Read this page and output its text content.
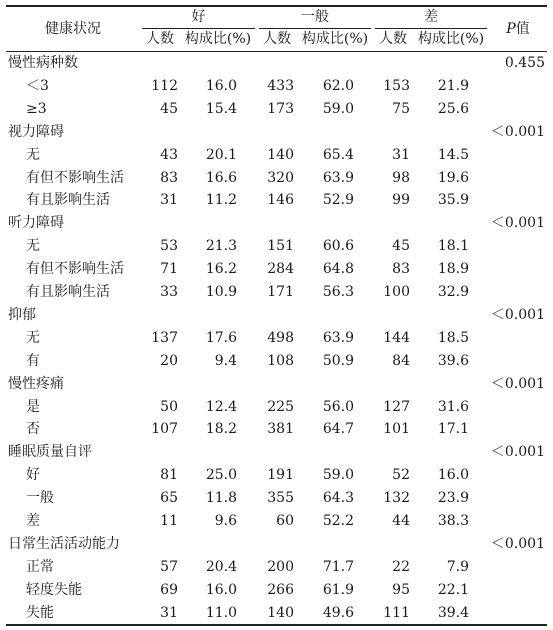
健康状况
好	一般	差
P值
人数 构成比(%) 人数 构成比(%) 人数 构成比(%)
慢性病种数	0.455
＜3	112	16.0	433	62.0	153	21.9
≥3	45	15.4	173	59.0	75	25.6
视力障碍	＜0.001
无	43	20.1	140	65.4	31	14.5
有但不影响生活	83	16.6	320	63.9	98	19.6
有且影响生活	31	11.2	146	52.9	99	35.9
听力障碍	＜0.001
无	53	21.3	151	60.6	45	18.1
有但不影响生活	71	16.2	284	64.8	83	18.9
有且影响生活	33	10.9	171	56.3	100	32.9
抑郁	＜0.001
无	137	17.6	498	63.9	144	18.5
有	20	9.4	108	50.9	84	39.6
慢性疼痛	＜0.001
是	50	12.4	225	56.0	127	31.6
否	107	18.2	381	64.7	101	17.1
睡眠质量自评	＜0.001
好	81	25.0	191	59.0	52	16.0
一般	65	11.8	355	64.3	132	23.9
差	11	9.6	60	52.2	44	38.3
日常生活活动能力	＜0.001
正常	57	20.4	200	71.7	22	7.9
轻度失能	69	16.0	266	61.9	95	22.1
失能	31	11.0	140	49.6	111	39.4
